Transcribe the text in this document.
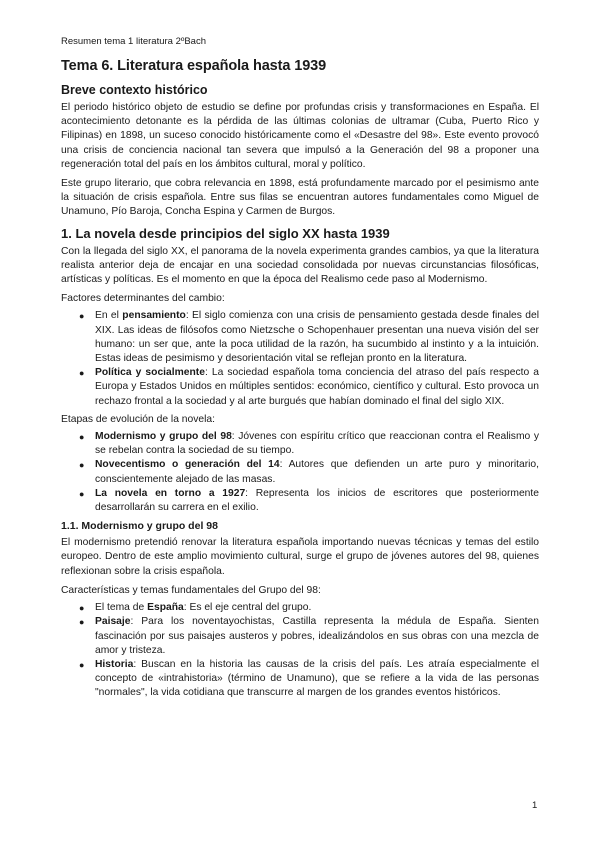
Resumen tema 1 literatura 2ºBach
Tema 6. Literatura española hasta 1939
Breve contexto histórico

El periodo histórico objeto de estudio se define por profundas crisis y transformaciones en España. El acontecimiento detonante es la pérdida de las últimas colonias de ultramar (Cuba, Puerto Rico y Filipinas) en 1898, un suceso conocido históricamente como el «Desastre del 98». Este evento provocó una crisis de conciencia nacional tan severa que impulsó a la Generación del 98 a proponer una regeneración total del país en los ámbitos cultural, moral y político.

Este grupo literario, que cobra relevancia en 1898, está profundamente marcado por el pesimismo ante la situación de crisis española. Entre sus filas se encuentran autores fundamentales como Miguel de Unamuno, Pío Baroja, Concha Espina y Carmen de Burgos.

1. La novela desde principios del siglo XX hasta 1939

Con la llegada del siglo XX, el panorama de la novela experimenta grandes cambios, ya que la literatura realista anterior deja de encajar en una sociedad consolidada por nuevas circunstancias filosóficas, artísticas y políticas. Es el momento en que la época del Realismo cede paso al Modernismo.

Factores determinantes del cambio:

● En el pensamiento: El siglo comienza con una crisis de pensamiento gestada desde finales del XIX. Las ideas de filósofos como Nietzsche o Schopenhauer presentan una nueva visión del ser humano: un ser que, ante la poca utilidad de la razón, ha sucumbido al instinto y a la intuición. Estas ideas de pesimismo y desorientación vital se reflejan pronto en la literatura.
● Política y socialmente: La sociedad española toma conciencia del atraso del país respecto a Europa y Estados Unidos en múltiples sentidos: económico, científico y cultural. Esto provoca un rechazo frontal a la sociedad y al arte burgués que habían dominado el final del siglo XIX.

Etapas de evolución de la novela:

● Modernismo y grupo del 98: Jóvenes con espíritu crítico que reaccionan contra el Realismo y se rebelan contra la sociedad de su tiempo.
● Novecentismo o generación del 14: Autores que defienden un arte puro y minoritario, conscientemente alejado de las masas.
● La novela en torno a 1927: Representa los inicios de escritores que posteriormente desarrollarán su carrera en el exilio.
1.1. Modernismo y grupo del 98

El modernismo pretendió renovar la literatura española importando nuevas técnicas y temas del estilo europeo. Dentro de este amplio movimiento cultural, surge el grupo de jóvenes autores del 98, quienes reflexionan sobre la crisis española.

Características y temas fundamentales del Grupo del 98:

● El tema de España: Es el eje central del grupo.
● Paisaje: Para los noventayochistas, Castilla representa la médula de España. Sienten fascinación por sus paisajes austeros y pobres, idealizándolos en sus obras con una mezcla de amor y tristeza.
● Historia: Buscan en la historia las causas de la crisis del país. Les atraía especialmente el concepto de «intrahistoria» (término de Unamuno), que se refiere a la vida de las personas "normales", la vida cotidiana que transcurre al margen de los grandes eventos históricos.
1
